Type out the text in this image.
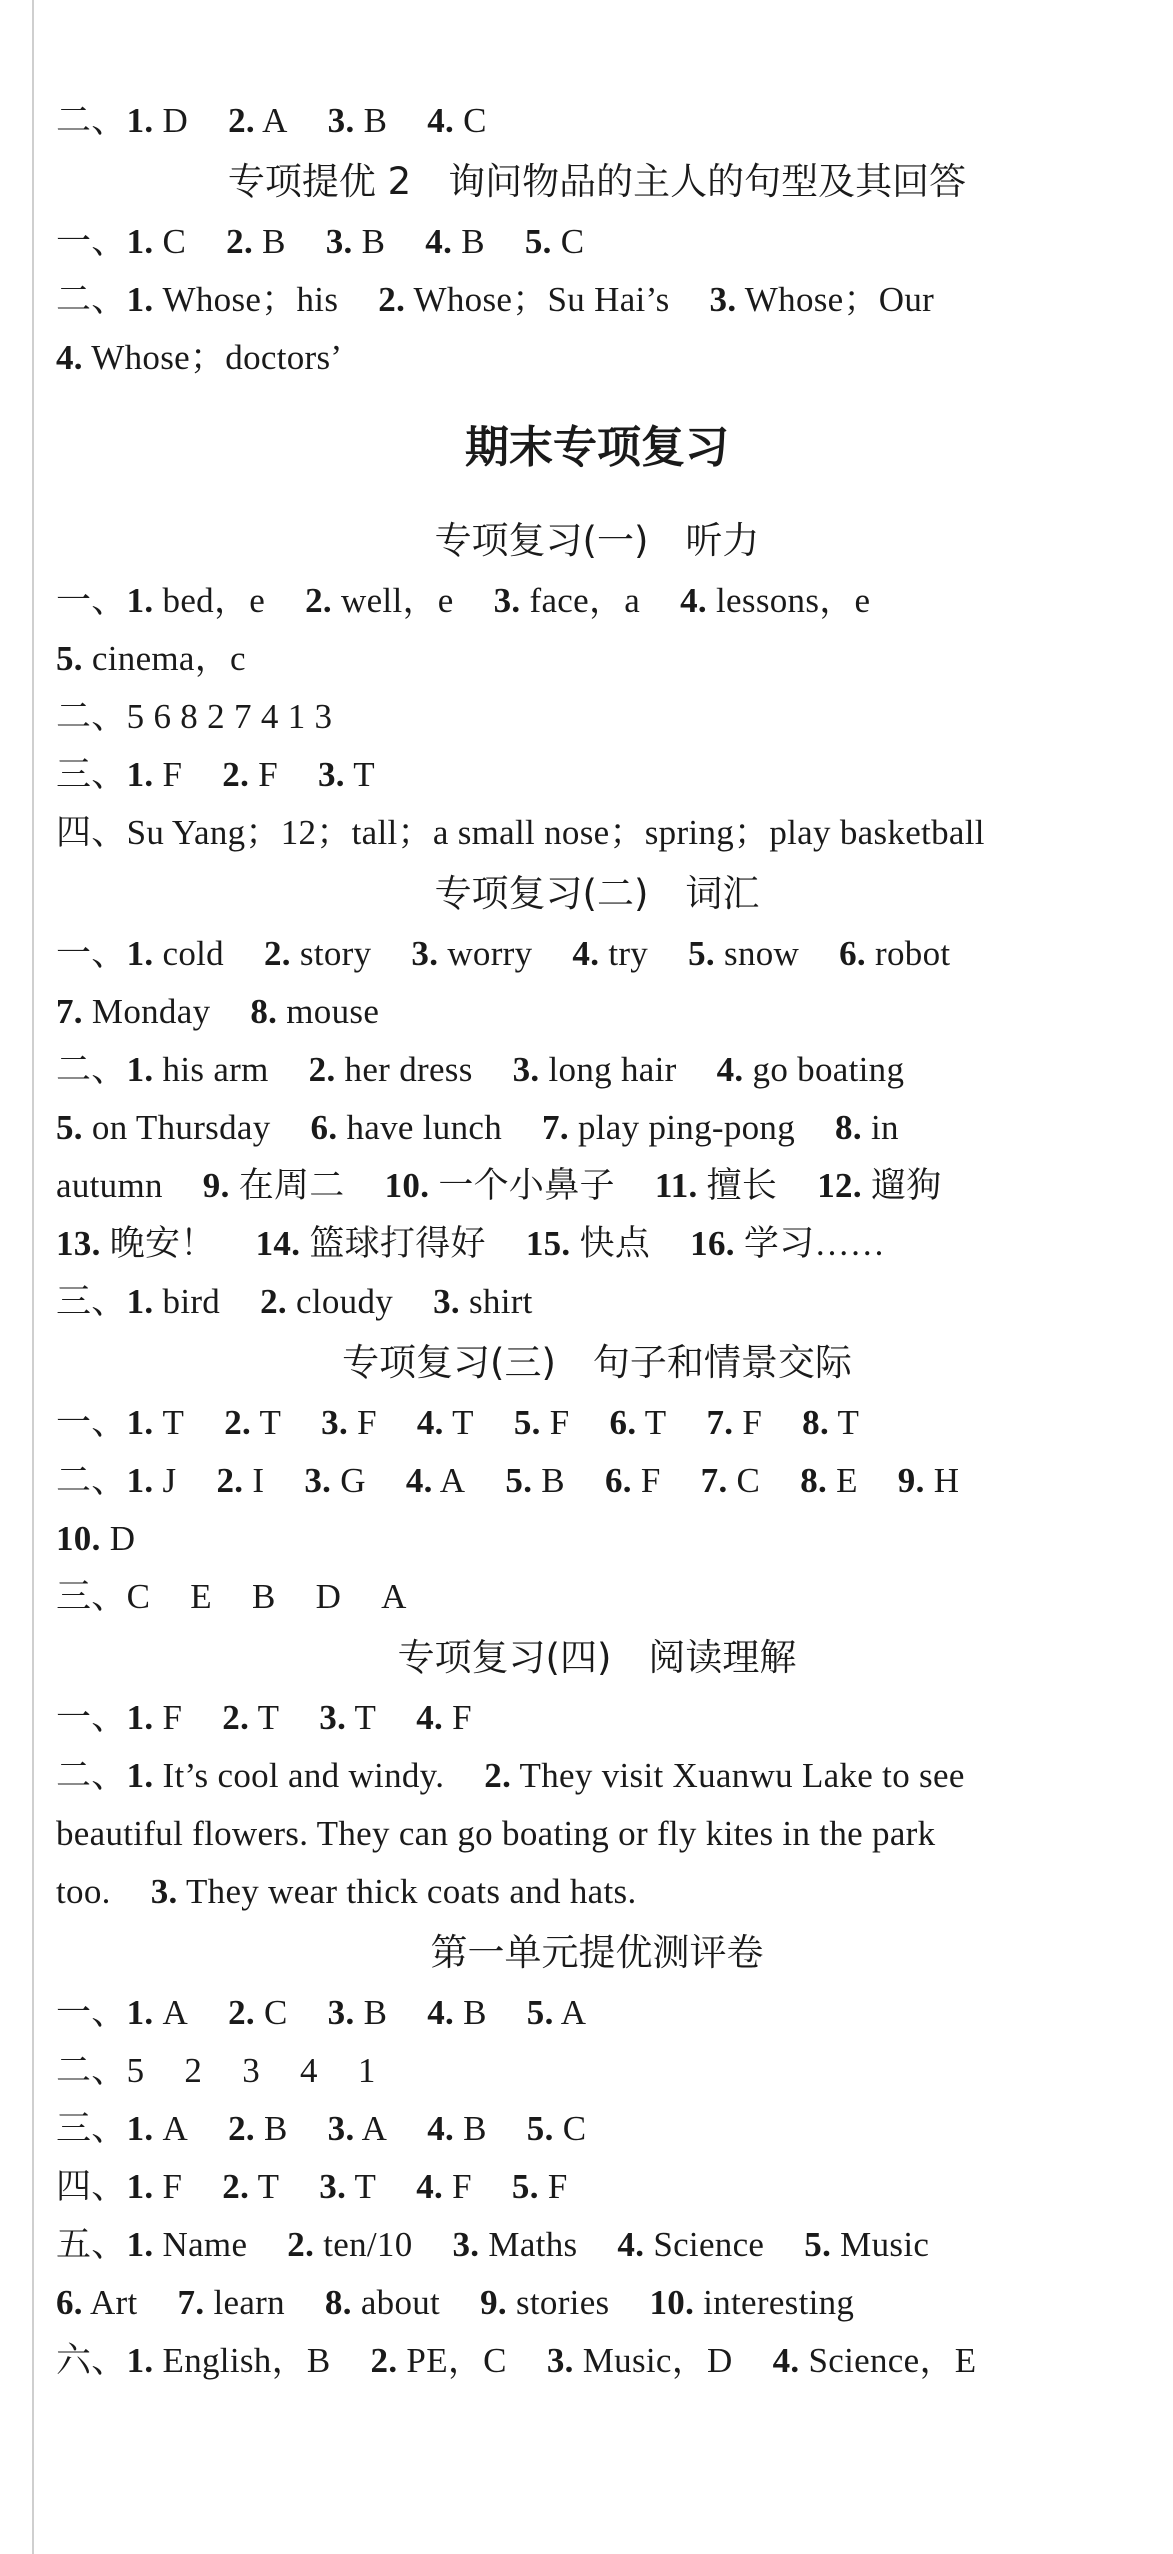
二、1. D 2. A 3. B 4. C
专项提优 2　询问物品的主人的句型及其回答
一、1. C 2. B 3. B 4. B 5. C
二、1. Whose；his 2. Whose；Su Hai’s 3. Whose；Our
4. Whose；doctors’
期末专项复习
专项复习(一)　听力
一、1. bed，e 2. well，e 3. face，a 4. lessons，e
5. cinema，c
二、5 6 8 2 7 4 1 3
三、1. F 2. F 3. T
四、Su Yang；12；tall；a small nose；spring；play basketball
专项复习(二)　词汇
一、1. cold 2. story 3. worry 4. try 5. snow 6. robot
7. Monday 8. mouse
二、1. his arm 2. her dress 3. long hair 4. go boating
5. on Thursday 6. have lunch 7. play ping-pong 8. in
autumn 9. 在周二 10. 一个小鼻子 11. 擅长 12. 遛狗
13. 晚安！ 14. 篮球打得好 15. 快点 16. 学习……
三、1. bird 2. cloudy 3. shirt
专项复习(三)　句子和情景交际
一、1. T 2. T 3. F 4. T 5. F 6. T 7. F 8. T
二、1. J 2. I 3. G 4. A 5. B 6. F 7. C 8. E 9. H
10. D
三、C E B D A
专项复习(四)　阅读理解
一、1. F 2. T 3. T 4. F
二、1. It’s cool and windy. 2. They visit Xuanwu Lake to see
beautiful flowers. They can go boating or fly kites in the park
too. 3. They wear thick coats and hats.
第一单元提优测评卷
一、1. A 2. C 3. B 4. B 5. A
二、5 2 3 4 1
三、1. A 2. B 3. A 4. B 5. C
四、1. F 2. T 3. T 4. F 5. F
五、1. Name 2. ten/10 3. Maths 4. Science 5. Music
6. Art 7. learn 8. about 9. stories 10. interesting
六、1. English，B 2. PE，C 3. Music，D 4. Science，E
